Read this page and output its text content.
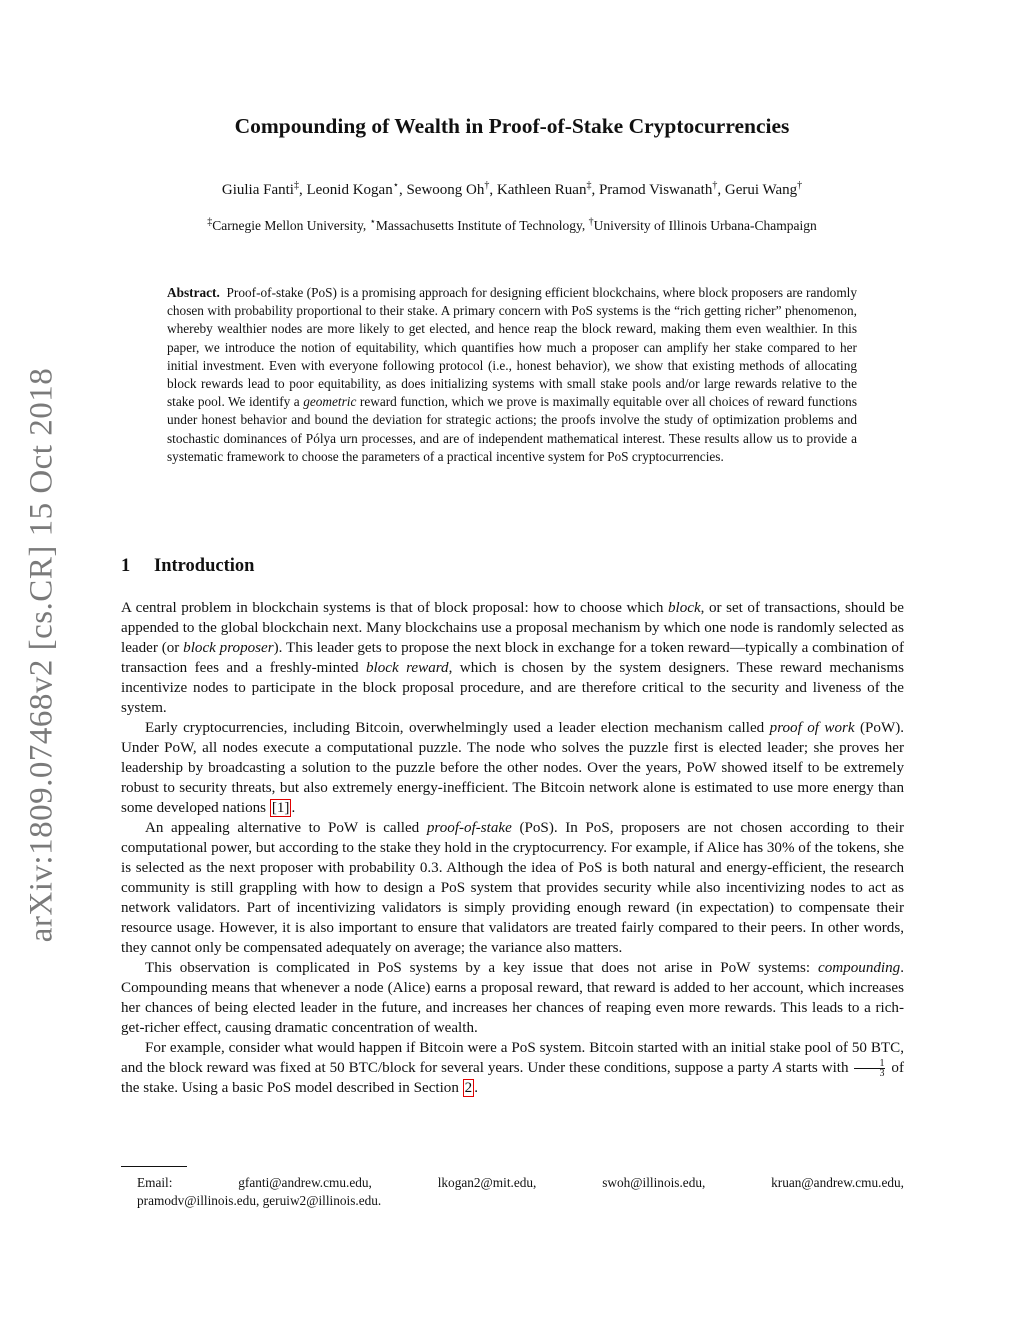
arXiv:1809.07468v2 [cs.CR] 15 Oct 2018
Compounding of Wealth in Proof-of-Stake Cryptocurrencies
Giulia Fanti‡, Leonid Kogan⋆, Sewoong Oh†, Kathleen Ruan‡, Pramod Viswanath†, Gerui Wang†
‡Carnegie Mellon University, ⋆Massachusetts Institute of Technology, †University of Illinois Urbana-Champaign
Abstract. Proof-of-stake (PoS) is a promising approach for designing efficient blockchains, where block proposers are randomly chosen with probability proportional to their stake. A primary concern with PoS systems is the “rich getting richer” phenomenon, whereby wealthier nodes are more likely to get elected, and hence reap the block reward, making them even wealthier. In this paper, we introduce the notion of equitability, which quantifies how much a proposer can amplify her stake compared to her initial investment. Even with everyone following protocol (i.e., honest behavior), we show that existing methods of allocating block rewards lead to poor equitability, as does initializing systems with small stake pools and/or large rewards relative to the stake pool. We identify a geometric reward function, which we prove is maximally equitable over all choices of reward functions under honest behavior and bound the deviation for strategic actions; the proofs involve the study of optimization problems and stochastic dominances of Pólya urn processes, and are of independent mathematical interest. These results allow us to provide a systematic framework to choose the parameters of a practical incentive system for PoS cryptocurrencies.
1 Introduction

A central problem in blockchain systems is that of block proposal: how to choose which block, or set of transactions, should be appended to the global blockchain next. Many blockchains use a proposal mechanism by which one node is randomly selected as leader (or block proposer). This leader gets to propose the next block in exchange for a token reward—typically a combination of transaction fees and a freshly-minted block reward, which is chosen by the system designers. These reward mechanisms incentivize nodes to participate in the block proposal procedure, and are therefore critical to the security and liveness of the system.

Early cryptocurrencies, including Bitcoin, overwhelmingly used a leader election mechanism called proof of work (PoW). Under PoW, all nodes execute a computational puzzle. The node who solves the puzzle first is elected leader; she proves her leadership by broadcasting a solution to the puzzle before the other nodes. Over the years, PoW showed itself to be extremely robust to security threats, but also extremely energy-inefficient. The Bitcoin network alone is estimated to use more energy than some developed nations [1] .

An appealing alternative to PoW is called proof-of-stake (PoS). In PoS, proposers are not chosen according to their computational power, but according to the stake they hold in the cryptocurrency. For example, if Alice has 30% of the tokens, she is selected as the next proposer with probability 0.3. Although the idea of PoS is both natural and energy-efficient, the research community is still grappling with how to design a PoS system that provides security while also incentivizing nodes to act as network validators. Part of incentivizing validators is simply providing enough reward (in expectation) to compensate their resource usage. However, it is also important to ensure that validators are treated fairly compared to their peers. In other words, they cannot only be compensated adequately on average; the variance also matters.

This observation is complicated in PoS systems by a key issue that does not arise in PoW systems: compounding. Compounding means that whenever a node (Alice) earns a proposal reward, that reward is added to her account, which increases her chances of being elected leader in the future, and increases her chances of reaping even more rewards. This leads to a rich-get-richer effect, causing dramatic concentration of wealth.

For example, consider what would happen if Bitcoin were a PoS system. Bitcoin started with an initial stake pool of 50 BTC, and the block reward was fixed at 50 BTC/block for several years. Under these conditions, suppose a party A starts with $\frac{1}{3}$ of the stake. Using a basic PoS model described in Section 2 .

Email:	gfanti@andrew.cmu.edu,	lkogan2@mit.edu,	swoh@illinois.edu,	kruan@andrew.cmu.edu,
pramodv@illinois.edu, geruiw2@illinois.edu.
